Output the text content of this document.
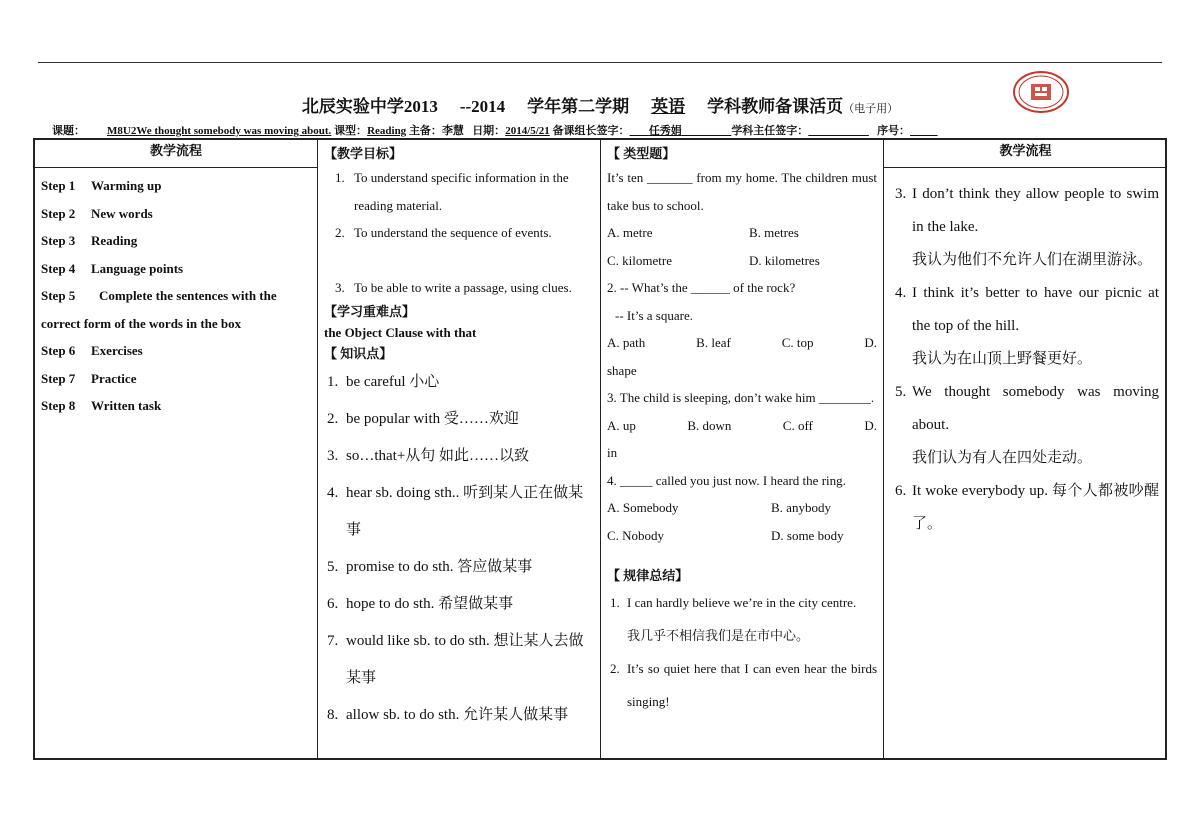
北辰实验中学2013 --2014 学年第二学期 英语 学科教师备课活页（电子用）
课题： M8U2We thought somebody was moving about. 课型：Reading 主备：李慧 日期：2014/5/21 备课组长签字： 任秀娟	学科主任签字：	序号：
教学流程
Step 1 Warming up
Step 2 New words
Step 3 Reading
Step 4 Language points
Step 5 Complete the sentences with the
correct form of the words in the box
Step 6 Exercises
Step 7 Practice
Step 8 Written task
【教学目标】
1. To understand specific information in the reading material.
2. To understand the sequence of events.
3. To be able to write a passage, using clues.
【学习重难点】
the Object Clause with that
【 知识点】
1. be careful 小心
2. be popular with 受……欢迎
3. so…that+从句 如此……以致
4. hear sb. doing sth.. 听到某人正在做某事
5. promise to do sth. 答应做某事
6. hope to do sth. 希望做某事
7. would like sb. to do sth. 想让某人去做某事
8. allow sb. to do sth. 允许某人做某事
【 类型题】
It’s ten _______ from my home. The children must take bus to school.
A. metre	B. metres
C. kilometre	D. kilometres
2. -- What’s the ______ of the rock?
-- It’s a square.
A. path	B. leaf	C. top	D.
shape
3. The child is sleeping, don’t wake him ________.
A. up	B. down	C. off	D.
in
4. _____ called you just now. I heard the ring.
A. Somebody	B. anybody
C. Nobody	D. some body
【 规律总结】
1. I can hardly believe we’re in the city centre.
我几乎不相信我们是在市中心。
2. It’s so quiet here that I can even hear the birds singing!
教学流程
3. I don’t think they allow people to swim in the lake.
我认为他们不允许人们在湖里游泳。
4. I think it’s better to have our picnic at the top of the hill.
我认为在山顶上野餐更好。
5. We thought somebody was moving about.
我们认为有人在四处走动。
6. It woke everybody up. 每个人都被吵醒了。
